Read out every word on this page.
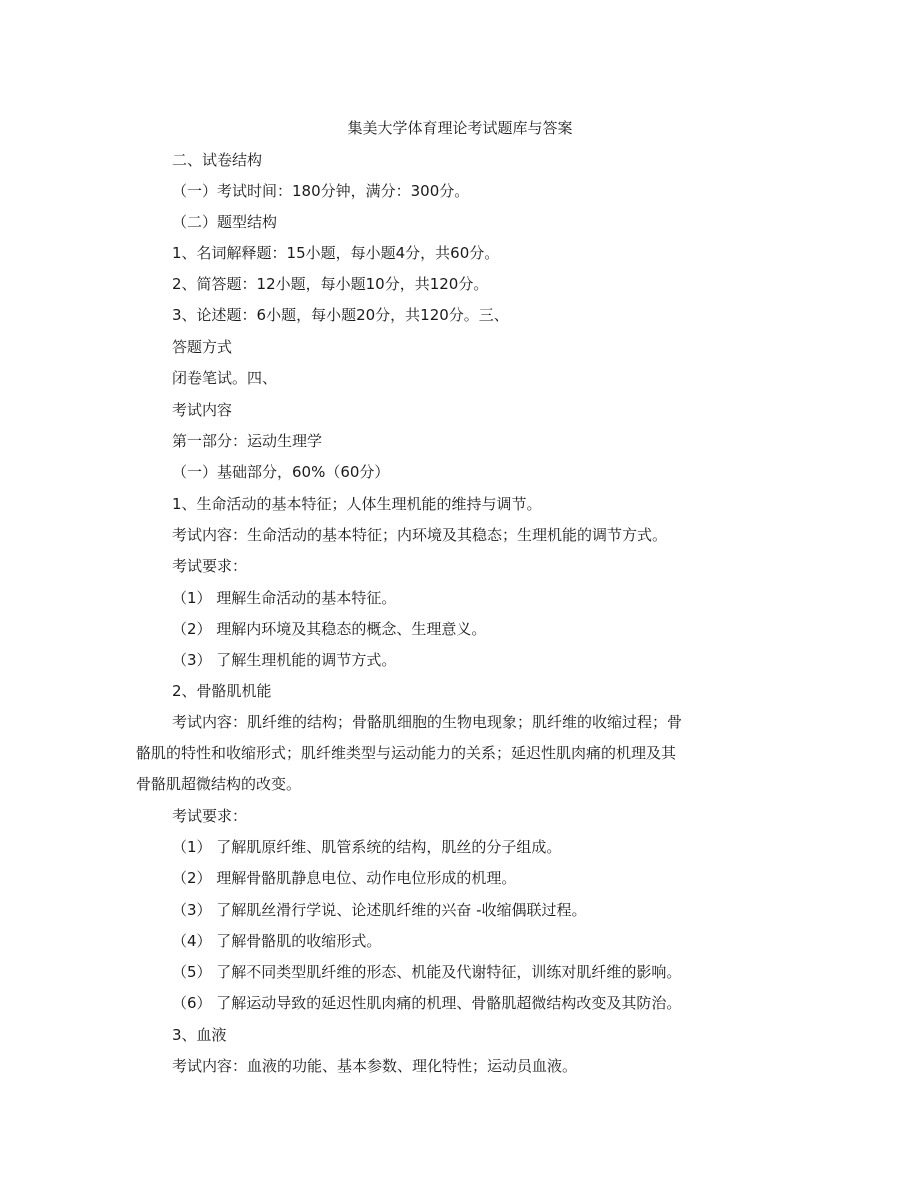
集美大学体育理论考试题库与答案
二、试卷结构
（一）考试时间：180分钟，满分：300分。
（二）题型结构
1、名词解释题：15小题，每小题4分，共60分。
2、简答题：12小题，每小题10分，共120分。
3、论述题：6小题，每小题20分，共120分。三、
答题方式
闭卷笔试。四、
考试内容
第一部分：运动生理学
（一）基础部分，60%（60分）
1、生命活动的基本特征；人体生理机能的维持与调节。
考试内容：生命活动的基本特征；内环境及其稳态；生理机能的调节方式。
考试要求：
（1） 理解生命活动的基本特征。
（2） 理解内环境及其稳态的概念、生理意义。
（3） 了解生理机能的调节方式。
2、骨骼肌机能
考试内容：肌纤维的结构；骨骼肌细胞的生物电现象；肌纤维的收缩过程；骨
骼肌的特性和收缩形式；肌纤维类型与运动能力的关系；延迟性肌肉痛的机理及其
骨骼肌超微结构的改变。
考试要求：
（1） 了解肌原纤维、肌管系统的结构，肌丝的分子组成。
（2） 理解骨骼肌静息电位、动作电位形成的机理。
（3） 了解肌丝滑行学说、论述肌纤维的兴奋 -收缩偶联过程。
（4） 了解骨骼肌的收缩形式。
（5） 了解不同类型肌纤维的形态、机能及代谢特征，训练对肌纤维的影响。
（6） 了解运动导致的延迟性肌肉痛的机理、骨骼肌超微结构改变及其防治。
3、血液
考试内容：血液的功能、基本参数、理化特性；运动员血液。
